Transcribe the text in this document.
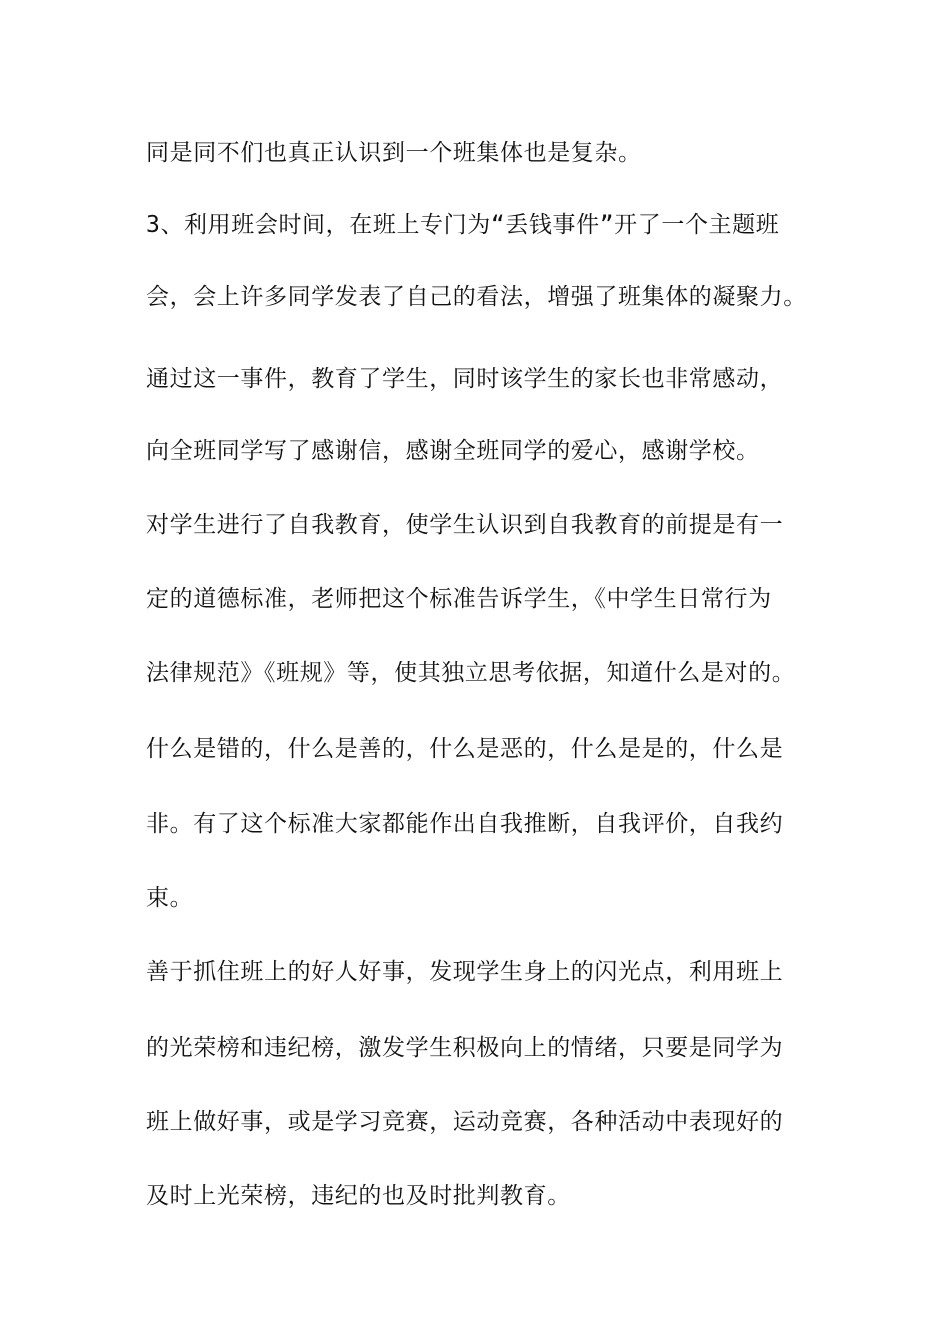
同是同不们也真正认识到一个班集体也是复杂。

3、利用班会时间，在班上专门为“丢钱事件”开了一个主题班

会，会上许多同学发表了自己的看法，增强了班集体的凝聚力。

通过这一事件，教育了学生，同时该学生的家长也非常感动，

向全班同学写了感谢信，感谢全班同学的爱心，感谢学校。

对学生进行了自我教育，使学生认识到自我教育的前提是有一

定的道德标准，老师把这个标准告诉学生，《中学生日常行为

法律规范》《班规》等，使其独立思考依据，知道什么是对的。

什么是错的，什么是善的，什么是恶的，什么是是的，什么是

非。有了这个标准大家都能作出自我推断，自我评价，自我约

束。

善于抓住班上的好人好事，发现学生身上的闪光点，利用班上

的光荣榜和违纪榜，激发学生积极向上的情绪，只要是同学为

班上做好事，或是学习竞赛，运动竞赛，各种活动中表现好的

及时上光荣榜，违纪的也及时批判教育。
